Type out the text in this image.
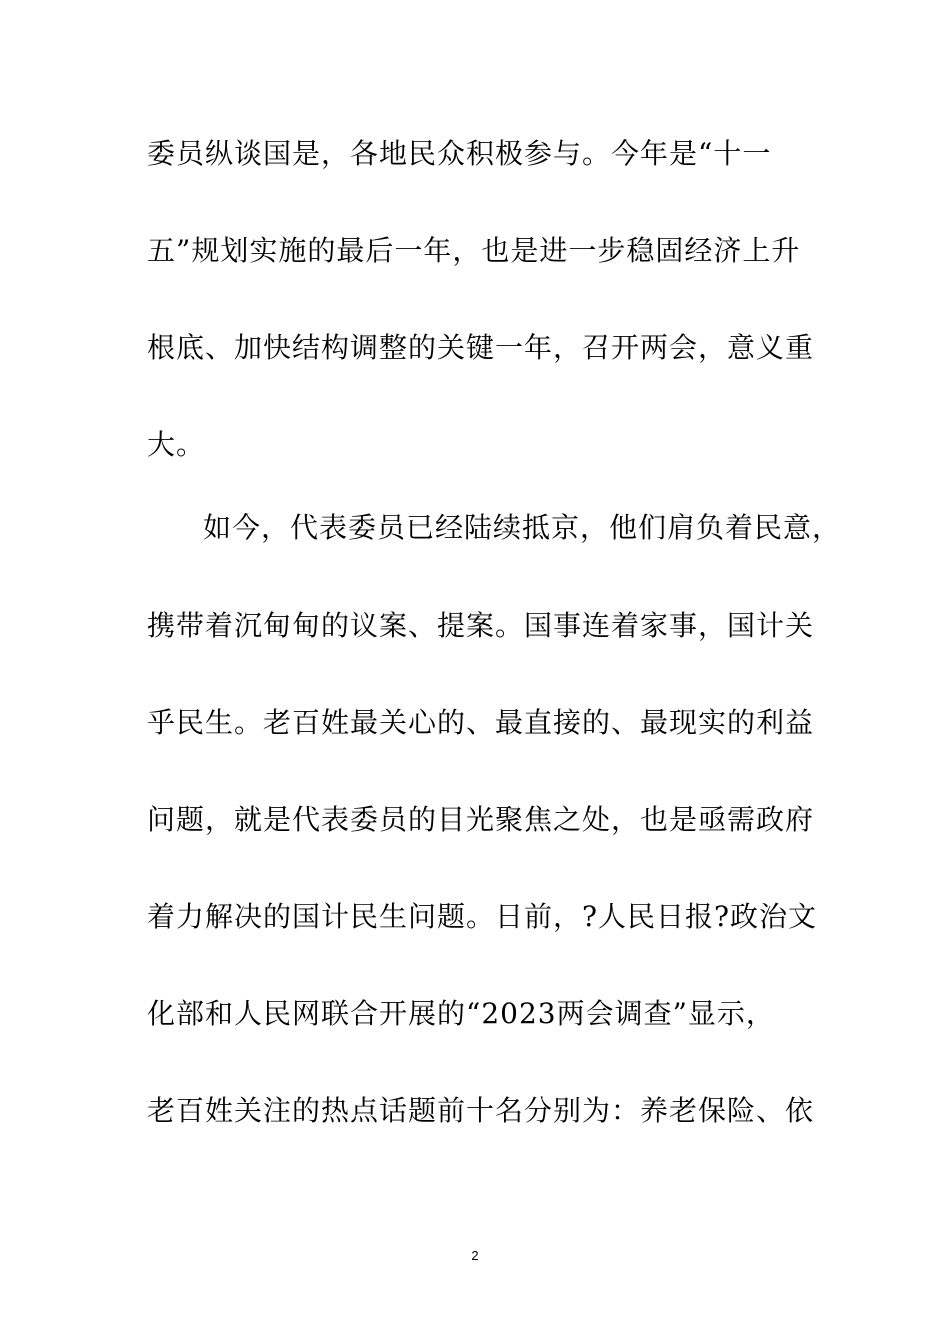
委员纵谈国是，各地民众积极参与。今年是“十一
五”规划实施的最后一年，也是进一步稳固经济上升
根底、加快结构调整的关键一年，召开两会，意义重
大。
如今，代表委员已经陆续抵京，他们肩负着民意，
携带着沉甸甸的议案、提案。国事连着家事，国计关
乎民生。老百姓最关心的、最直接的、最现实的利益
问题，就是代表委员的目光聚焦之处，也是亟需政府
着力解决的国计民生问题。日前，?人民日报?政治文
化部和人民网联合开展的“2023两会调查”显示，
老百姓关注的热点话题前十名分别为：养老保险、依
2
